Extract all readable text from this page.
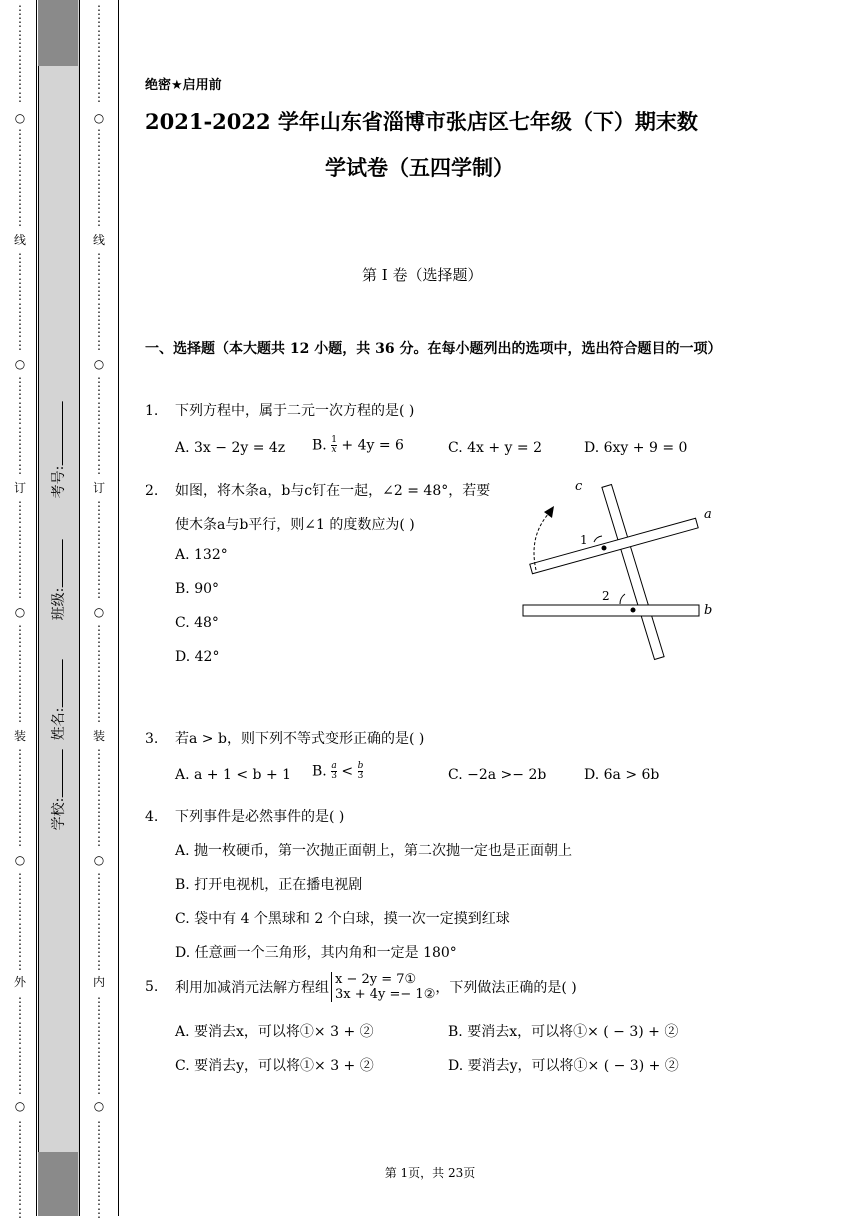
○
线
○
订
○
装
○
外
○
⋮
⋮
⋮
⋮
⋮
⋮
⋮
⋮
⋮
⋮
⋮
⋮
⋮
⋮
⋮
⋮
⋮
⋮
⋮
⋮
⋮
⋮
⋮
⋮
⋮
⋮
⋮
⋮
⋮
⋮
⋮
⋮
⋮
⋮
⋮
⋮
⋮
⋮
⋮
⋮
⋮
⋮
⋮
⋮
⋮
⋮
⋮
⋮
⋮
⋮
⋮
⋮
⋮
⋮
⋮
⋮
⋮
⋮
⋮
⋮
⋮
⋮
⋮
⋮
⋮
⋮
⋮
⋮
⋮
⋮
⋮
⋮
⋮
⋮
⋮
⋮
⋮
⋮
⋮
⋮
○
线
○
订
○
装
○
内
○
⋮
⋮
⋮
⋮
⋮
⋮
⋮
⋮
⋮
⋮
⋮
⋮
⋮
⋮
⋮
⋮
⋮
⋮
⋮
⋮
⋮
⋮
⋮
⋮
⋮
⋮
⋮
⋮
⋮
⋮
⋮
⋮
⋮
⋮
⋮
⋮
⋮
⋮
⋮
⋮
⋮
⋮
⋮
⋮
⋮
⋮
⋮
⋮
⋮
⋮
⋮
⋮
⋮
⋮
⋮
⋮
⋮
⋮
⋮
⋮
⋮
⋮
⋮
⋮
⋮
⋮
⋮
⋮
⋮
⋮
⋮
⋮
⋮
⋮
⋮
⋮
⋮
⋮
⋮
⋮
学校:
姓名:
班级:
考号:
绝密★启用前
2021-2022 学年山东省淄博市张店区七年级（下）期末数
学试卷（五四学制）
第 I 卷（选择题）
一、选择题（本大题共 12 小题，共 36 分。在每小题列出的选项中，选出符合题目的一项）
1. 下列方程中，属于二元一次方程的是( )
A. 3x − 2y = 4z B. $\frac{1}{x} + 4y = 6$	C. 4x + y = 2	D. 6xy + 9 = 0
2. 如图，将木条a，b与c钉在一起，∠2 = 48°，若要
使木条a与b平行，则∠1 的度数应为( )
A. 132°
B. 90°
C. 48°
D. 42°
c
a
b
1
2
3. 若a > b，则下列不等式变形正确的是( )
A. a + 1 < b + 1 B. $\frac{a}{3} < \frac{b}{3}$	C. −2a >− 2b	D. 6a > 6b
4. 下列事件是必然事件的是( )
A. 抛一枚硬币，第一次抛正面朝上，第二次抛一定也是正面朝上
B. 打开电视机，正在播电视剧
C. 袋中有 4 个黑球和 2 个白球，摸一次一定摸到红球
D. 任意画一个三角形，其内角和一定是 180°
5. 利用加减消元法解方程组
x − 2y = 7①
3x + 4y =− 1② ，下列做法正确的是( )
A. 要消去x，可以将①× 3 + ②	B. 要消去x，可以将①× ( − 3) + ②
C. 要消去y，可以将①× 3 + ②	D. 要消去y，可以将①× ( − 3) + ②
第 1页，共 23页
